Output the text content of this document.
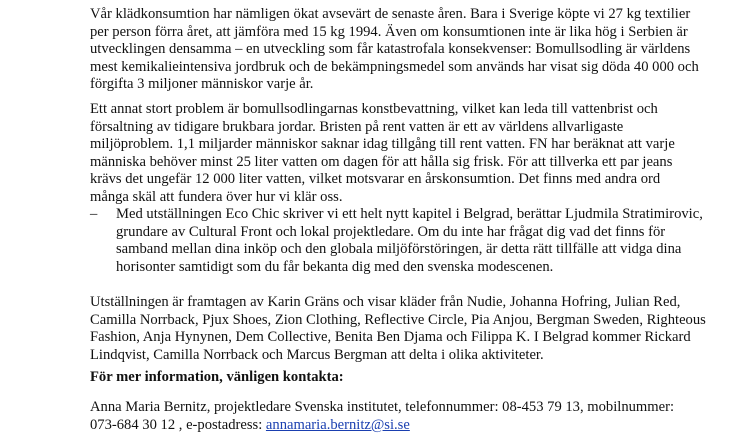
Vår klädkonsumtion har nämligen ökat avsevärt de senaste åren. Bara i Sverige köpte vi 27 kg textilier
per person förra året, att jämföra med 15 kg 1994. Även om konsumtionen inte är lika hög i Serbien är
utvecklingen densamma – en utveckling som får katastrofala konsekvenser: Bomullsodling är världens
mest kemikalieintensiva jordbruk och de bekämpningsmedel som används har visat sig döda 40 000 och
förgifta 3 miljoner människor varje år.
Ett annat stort problem är bomullsodlingarnas konstbevattning, vilket kan leda till vattenbrist och
försaltning av tidigare brukbara jordar. Bristen på rent vatten är ett av världens allvarligaste
miljöproblem. 1,1 miljarder människor saknar idag tillgång till rent vatten. FN har beräknat att varje
människa behöver minst 25 liter vatten om dagen för att hålla sig frisk. För att tillverka ett par jeans
krävs det ungefär 12 000 liter vatten, vilket motsvarar en årskonsumtion. Det finns med andra ord
många skäl att fundera över hur vi klär oss.
– Med utställningen Eco Chic skriver vi ett helt nytt kapitel i Belgrad, berättar Ljudmila Stratimirovic,
grundare av Cultural Front och lokal projektledare. Om du inte har frågat dig vad det finns för
samband mellan dina inköp och den globala miljöförstöringen, är detta rätt tillfälle att vidga dina
horisonter samtidigt som du får bekanta dig med den svenska modescenen.
Utställningen är framtagen av Karin Gräns och visar kläder från Nudie, Johanna Hofring, Julian Red,
Camilla Norrback, Pjux Shoes, Zion Clothing, Reflective Circle, Pia Anjou, Bergman Sweden, Righteous
Fashion, Anja Hynynen, Dem Collective, Benita Ben Djama och Filippa K. I Belgrad kommer Rickard
Lindqvist, Camilla Norrback och Marcus Bergman att delta i olika aktiviteter.
För mer information, vänligen kontakta:
Anna Maria Bernitz, projektledare Svenska institutet, telefonnummer: 08-453 79 13, mobilnummer:
073-684 30 12 , e-postadress: annamaria.bernitz@si.se
